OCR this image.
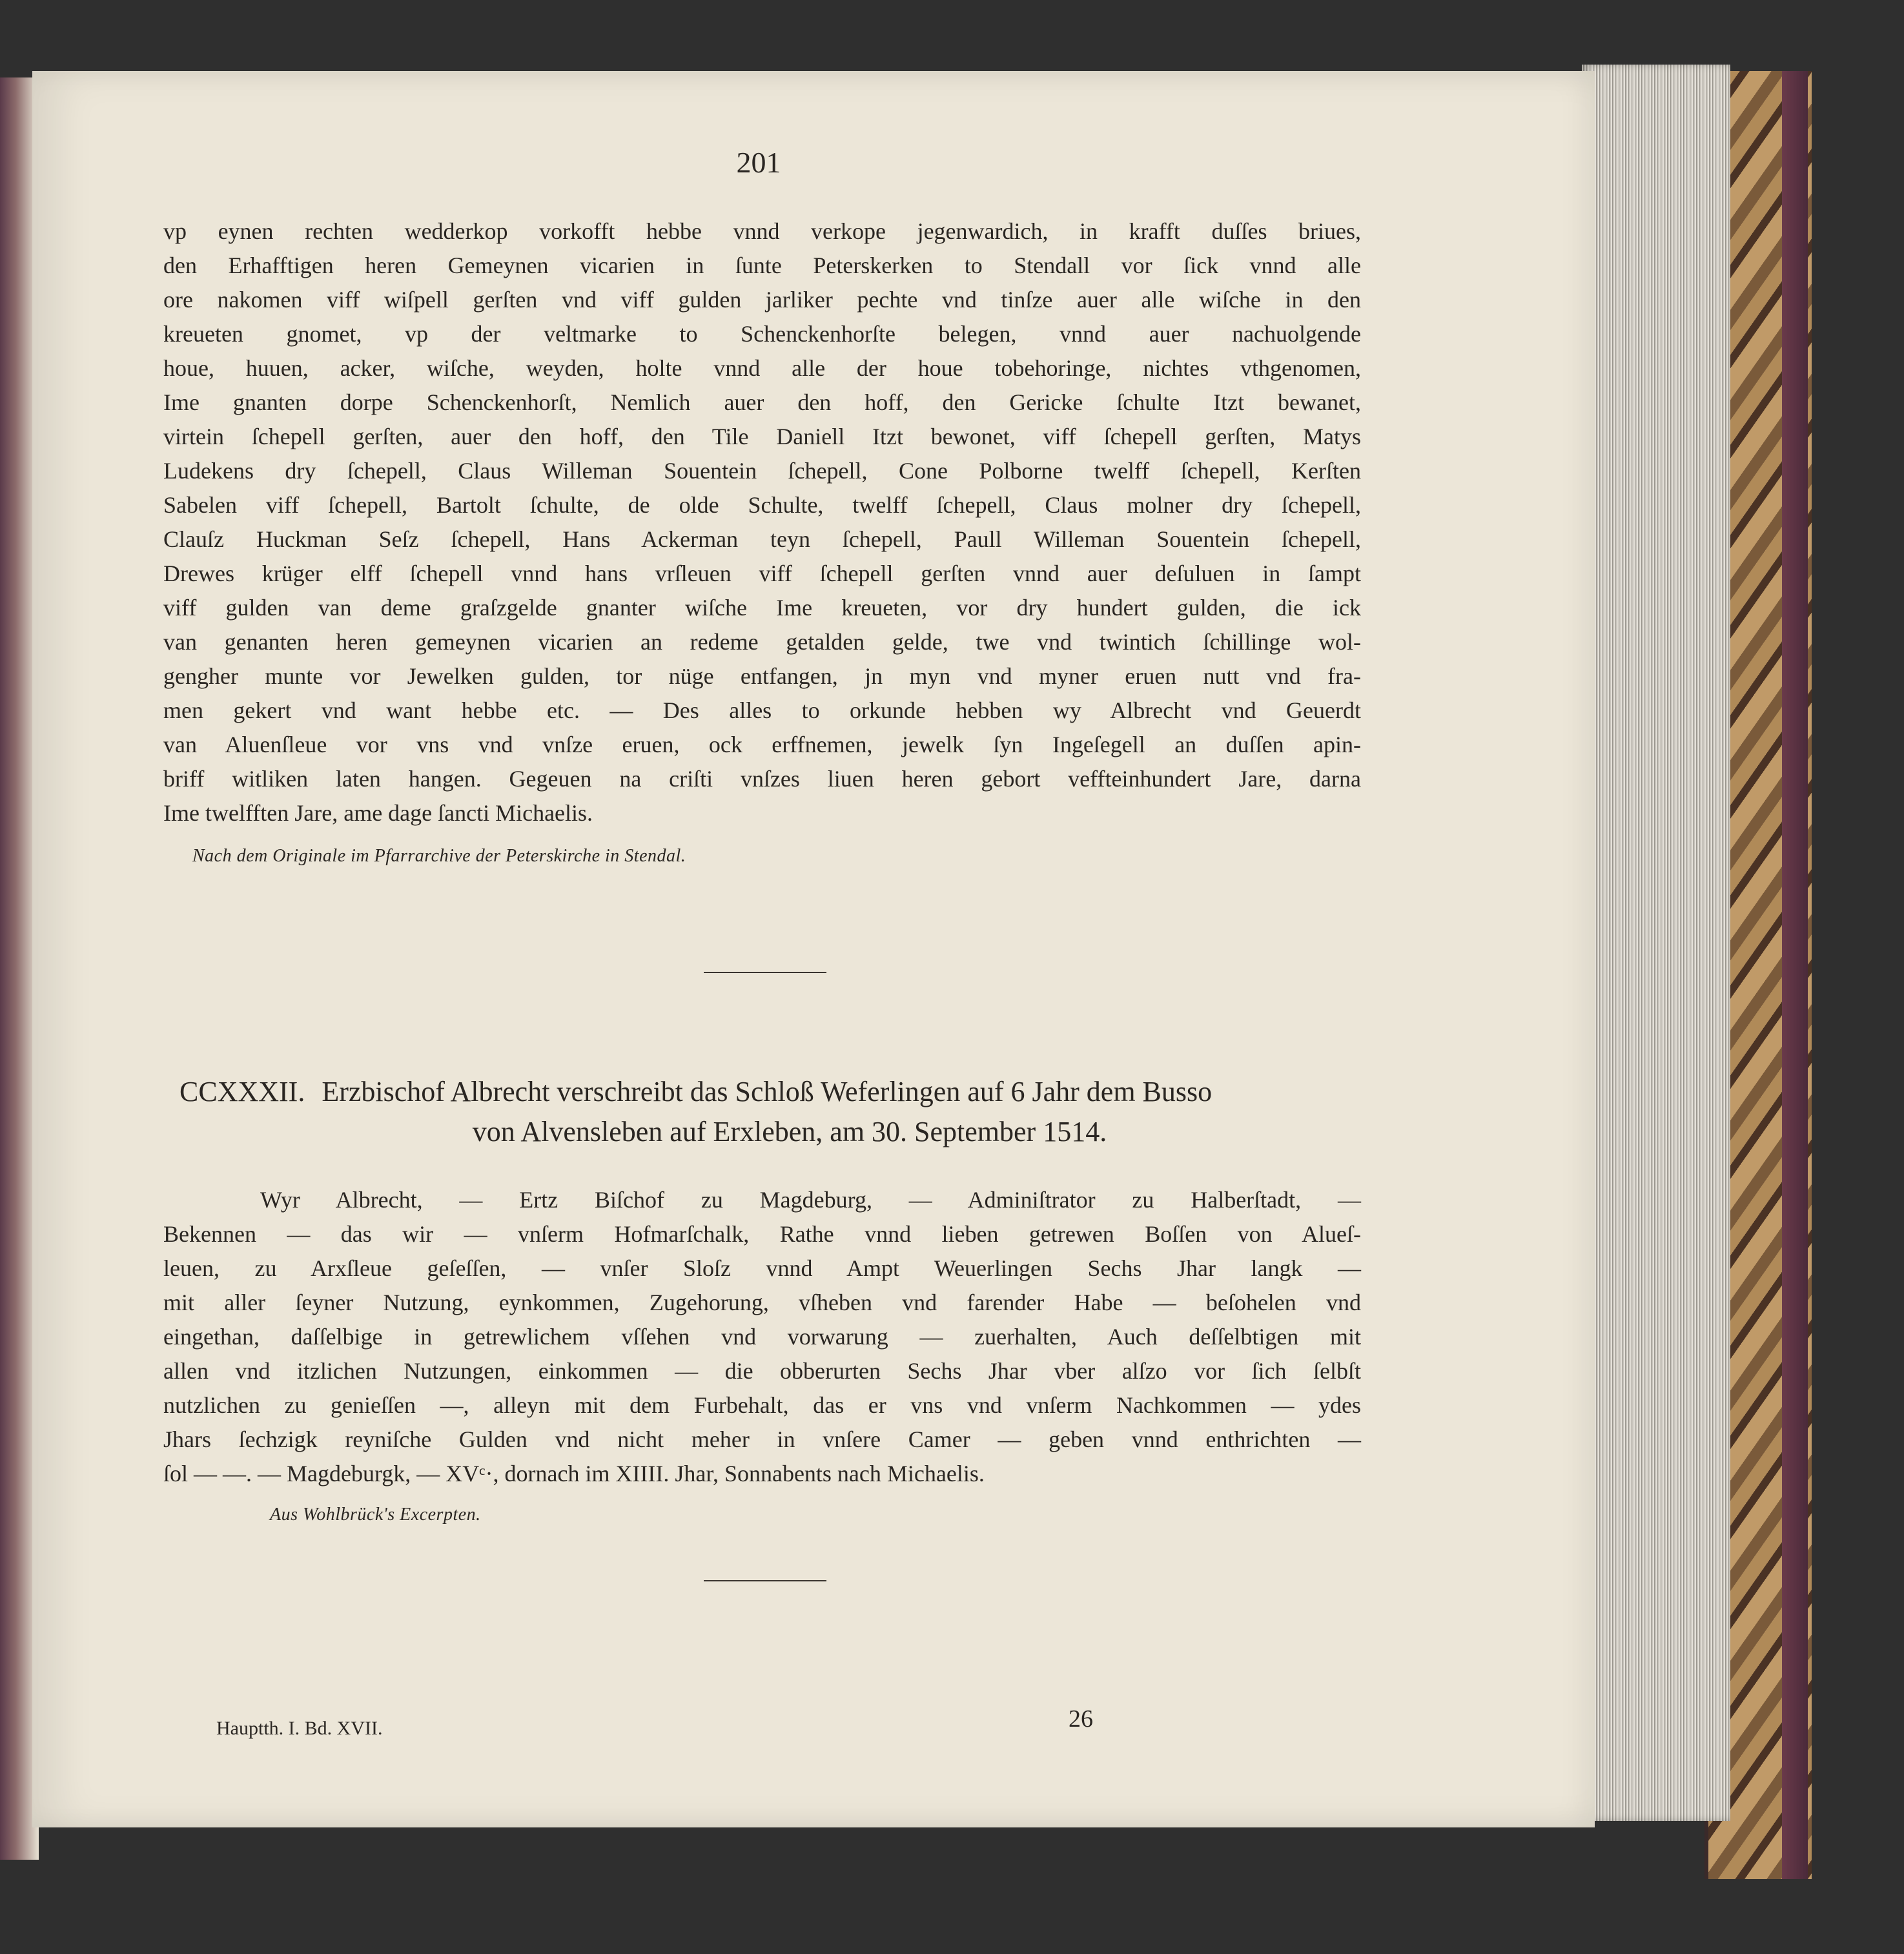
201
vp eynen rechten wedderkop vorkofft hebbe vnnd verkope jegenwardich, in krafft duſſes briues,
den Erhafftigen heren Gemeynen vicarien in ſunte Peterskerken to Stendall vor ſick vnnd alle
ore nakomen viff wiſpell gerſten vnd viff gulden jarliker pechte vnd tinſze auer alle wiſche in den
kreueten gnomet, vp der veltmarke to Schenckenhorſte belegen, vnnd auer nachuolgende
houe, huuen, acker, wiſche, weyden, holte vnnd alle der houe tobehoringe, nichtes vthgenomen,
Ime gnanten dorpe Schenckenhorſt, Nemlich auer den hoff, den Gericke ſchulte Itzt bewanet,
virtein ſchepell gerſten, auer den hoff, den Tile Daniell Itzt bewonet, viff ſchepell gerſten, Matys
Ludekens dry ſchepell, Claus Willeman Souentein ſchepell, Cone Polborne twelff ſchepell, Kerſten
Sabelen viff ſchepell, Bartolt ſchulte, de olde Schulte, twelff ſchepell, Claus molner dry ſchepell,
Clauſz Huckman Seſz ſchepell, Hans Ackerman teyn ſchepell, Paull Willeman Souentein ſchepell,
Drewes krüger elff ſchepell vnnd hans vrſleuen viff ſchepell gerſten vnnd auer deſuluen in ſampt
viff gulden van deme graſzgelde gnanter wiſche Ime kreueten, vor dry hundert gulden, die ick
van genanten heren gemeynen vicarien an redeme getalden gelde, twe vnd twintich ſchillinge wol-
gengher munte vor Jewelken gulden, tor nüge entfangen, jn myn vnd myner eruen nutt vnd fra-
men gekert vnd want hebbe etc. — Des alles to orkunde hebben wy Albrecht vnd Geuerdt
van Aluenſleue vor vns vnd vnſze eruen, ock erffnemen, jewelk ſyn Ingeſegell an duſſen apin-
briff witliken laten hangen. Gegeuen na criſti vnſzes liuen heren gebort veffteinhundert Jare, darna
Ime twelfften Jare, ame dage ſancti Michaelis.
Nach dem Originale im Pfarrarchive der Peterskirche in Stendal.
CCXXXII. Erzbischof Albrecht verschreibt das Schloß Weferlingen auf 6 Jahr dem Busso
von Alvensleben auf Erxleben, am 30. September 1514.
Wyr Albrecht, — Ertz Biſchof zu Magdeburg, — Adminiſtrator zu Halberſtadt, —
Bekennen — das wir — vnſerm Hofmarſchalk, Rathe vnnd lieben getrewen Boſſen von Alueſ-
leuen, zu Arxſleue geſeſſen, — vnſer Sloſz vnnd Ampt Weuerlingen Sechs Jhar langk —
mit aller ſeyner Nutzung, eynkommen, Zugehorung, vſheben vnd farender Habe — beſohelen vnd
eingethan, daſſelbige in getrewlichem vſſehen vnd vorwarung — zuerhalten, Auch deſſelbtigen mit
allen vnd itzlichen Nutzungen, einkommen — die obberurten Sechs Jhar vber alſzo vor ſich ſelbſt
nutzlichen zu genieſſen —, alleyn mit dem Furbehalt, das er vns vnd vnſerm Nachkommen — ydes
Jhars ſechzigk reyniſche Gulden vnd nicht meher in vnſere Camer — geben vnnd enthrichten —
ſol — —. — Magdeburgk, — XVᶜ·, dornach im XIIII. Jhar, Sonnabents nach Michaelis.
Aus Wohlbrück's Excerpten.
Hauptth. I. Bd. XVII.	26
